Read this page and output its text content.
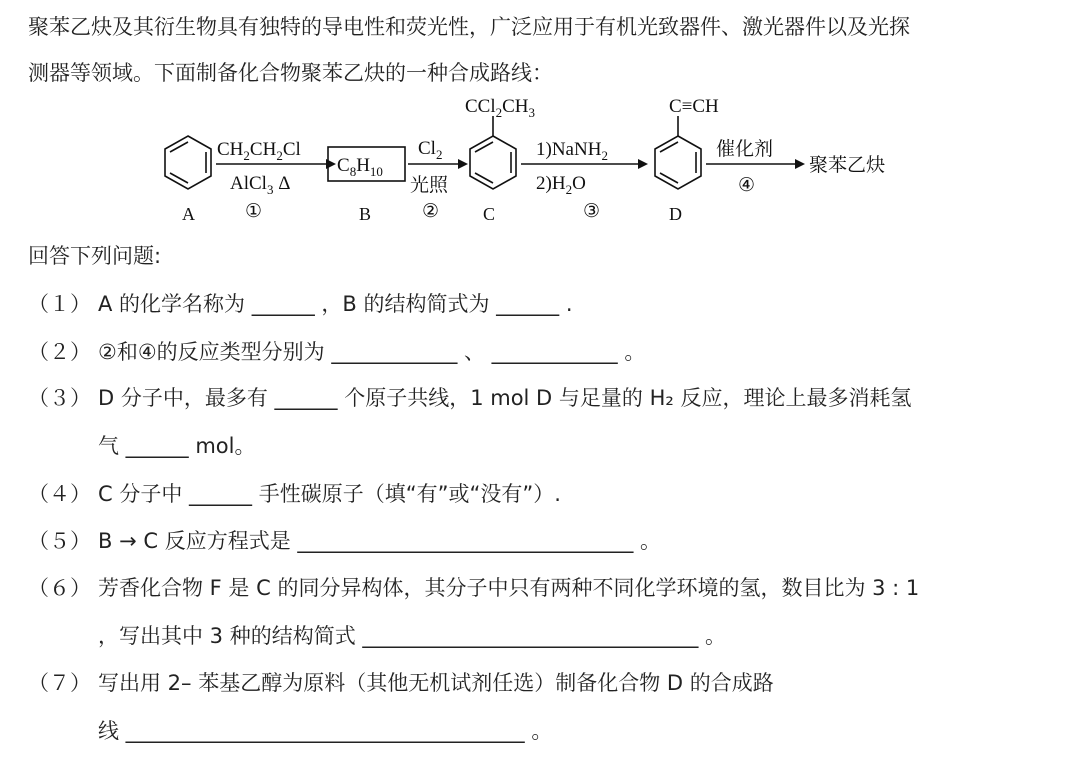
聚苯乙炔及其衍生物具有独特的导电性和荧光性，广泛应用于有机光致器件、激光器件以及光探
测器等领域。下面制备化合物聚苯乙炔的一种合成路线：

A
$CH_2CH_2Cl$
AlCl$_3$ Δ
①
$C_8H_{10}$
B
$Cl_2$
光照
②
$CCl_2CH_3$
C
1)NaNH$_2$
$2)H_2O$
③
C≡CH
D
催化剂
④
聚苯乙炔
回答下列问题:
（１） A 的化学名称为 ______ ，B 的结构简式为 ______ .
（２） ②和④的反应类型分别为 ____________ 、 ____________ 。
（３） D 分子中，最多有 ______ 个原子共线，1 mol D 与足量的 H₂ 反应，理论上最多消耗氢
气 ______ mol。
（４） C 分子中 ______ 手性碳原子（填“有”或“没有”）.
（５） B → C 反应方程式是 ________________________________ 。
（６） 芳香化合物 F 是 C 的同分异构体，其分子中只有两种不同化学环境的氢，数目比为 3 : 1
，写出其中 3 种的结构简式 ________________________________ 。
（７） 写出用 2– 苯基乙醇为原料（其他无机试剂任选）制备化合物 D 的合成路
线 ______________________________________ 。
